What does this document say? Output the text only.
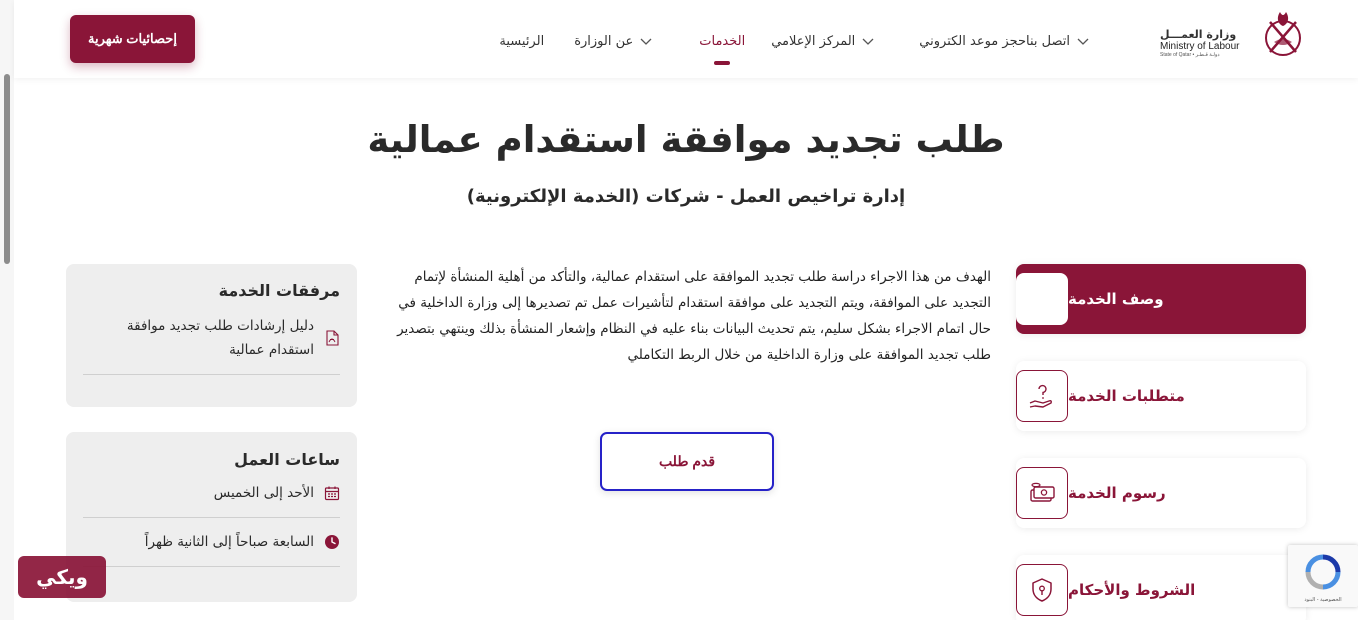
وزارة العمـــل
Ministry of Labour
State of Qatar • دولـة قـطـر
الرئيسية عن الوزارة	الخدمات المركز الإعلامي	حجز موعد الكتروني اتصل بنا
إحصائيات شهرية
طلب تجديد موافقة استقدام عمالية
إدارة تراخيص العمل - شركات (الخدمة الإلكترونية)
وصف الخدمة
متطلبات الخدمة
رسوم الخدمة
الشروط والأحكام

الهدف من هذا الاجراء دراسة طلب تجديد الموافقة على استقدام عمالية، والتأكد من أهلية المنشأة لإتمام التجديد على الموافقة، ويتم التجديد على موافقة استقدام لتأشيرات عمل تم تصديرها إلى وزارة الداخلية في حال اتمام الاجراء بشكل سليم، يتم تحديث البيانات بناء عليه في النظام وإشعار المنشأة بذلك وينتهي بتصدير طلب تجديد الموافقة على وزارة الداخلية من خلال الربط التكاملي

قدم طلب
مرفقات الخدمة
دليل إرشادات طلب تجديد موافقة استقدام عمالية
ساعات العمل
الأحد إلى الخميس
السابعة صباحاً إلى الثانية ظهراً
ويكي
الخصوصية - البنود
